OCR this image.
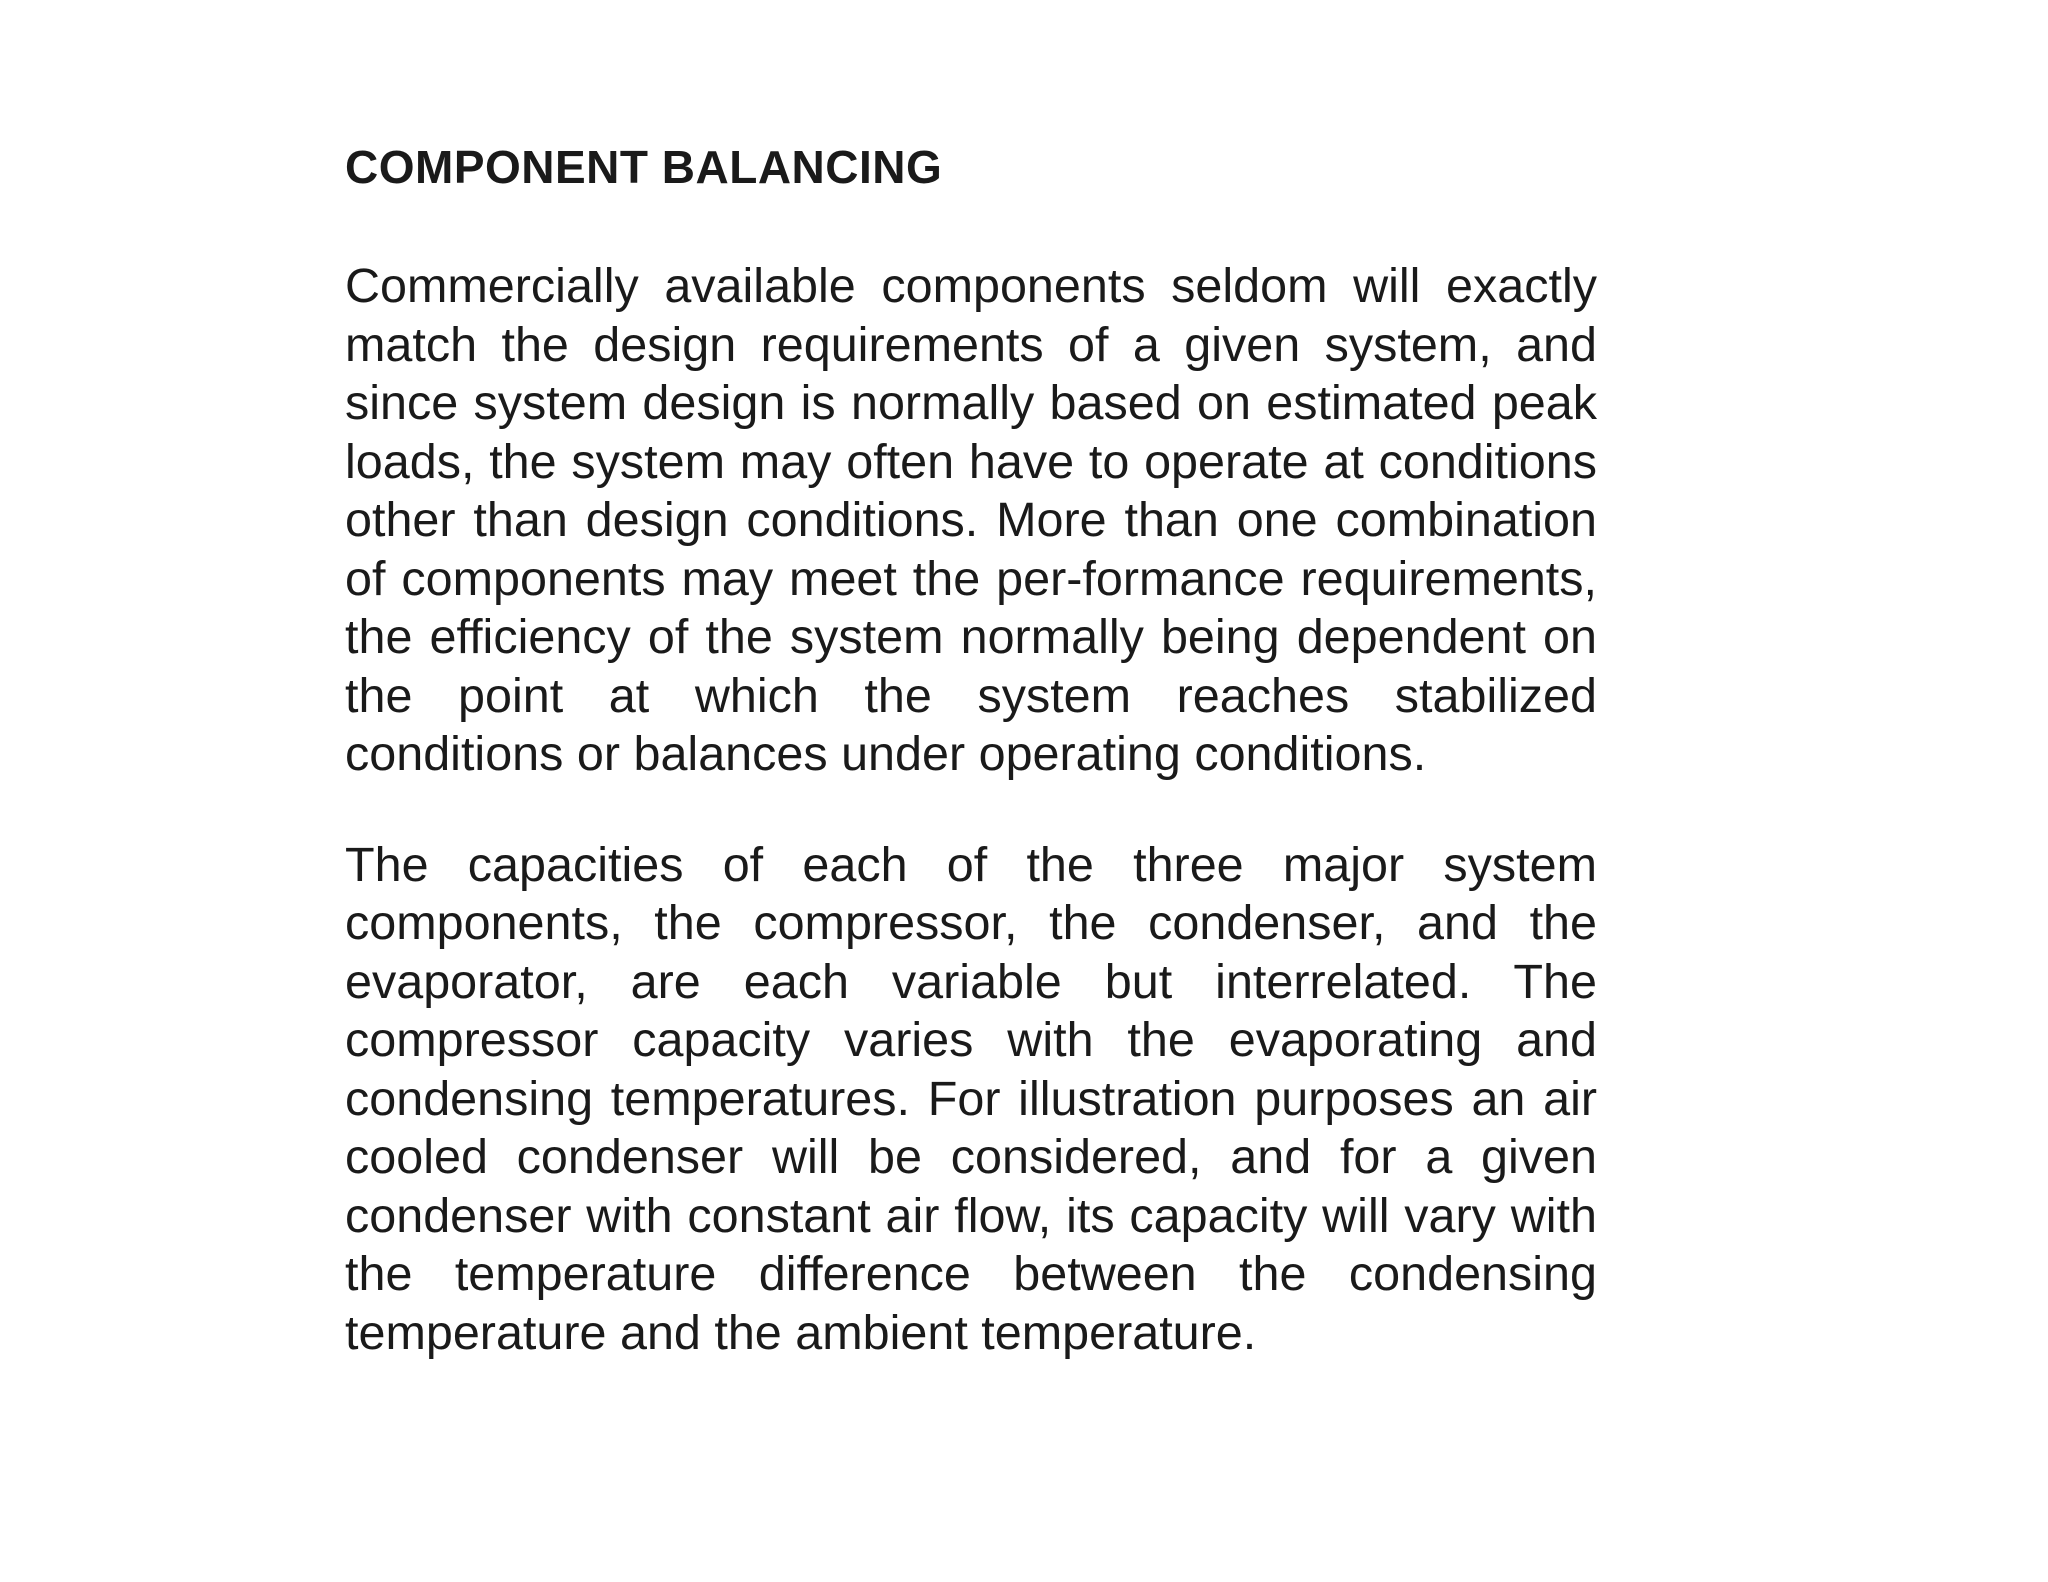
COMPONENT BALANCING

Commercially available components seldom will exactly match the design requirements of a given system, and since system design is normally based on estimated peak loads, the system may often have to operate at conditions other than design conditions. More than one combination of components may meet the per-formance requirements, the efficiency of the system normally being dependent on the point at which the system reaches stabilized conditions or balances under operating conditions.

The capacities of each of the three major system components, the compressor, the condenser, and the evaporator, are each variable but interrelated. The compressor capacity varies with the evaporating and condensing temperatures. For illustration purposes an air cooled condenser will be considered, and for a given condenser with constant air flow, its capacity will vary with the temperature difference between the condensing temperature and the ambient temperature.
